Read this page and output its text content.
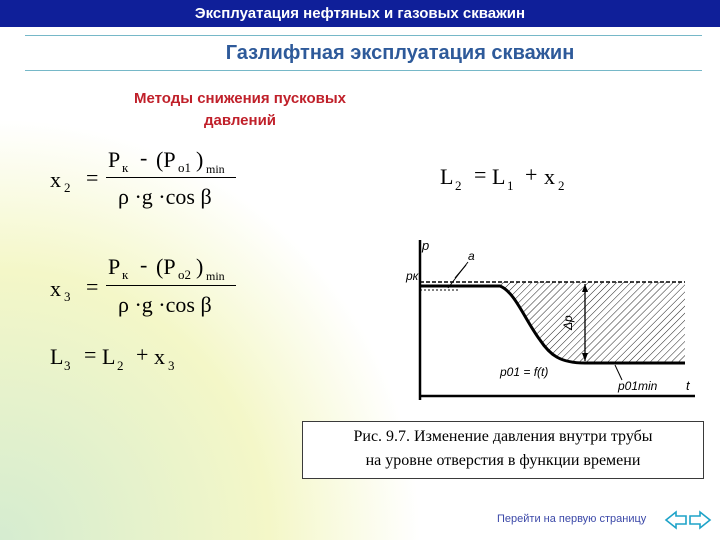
Эксплуатация нефтяных и газовых скважин
Газлифтная эксплуатация скважин
Методы снижения пусковых
давлений
x 2 =
P к - (P o1 ) min
ρ ·g ·cos β
x 3 =
P к - (P o2 ) min
ρ ·g ·cos β
L 3 = L 2 + x 3
L 2 = L 1 + x 2
p
t
a
pк
Δp
p01 = f(t)
p01min
Рис. 9.7. Изменение давления внутри трубы
на уровне отверстия в функции времени
Перейти на первую страницу
